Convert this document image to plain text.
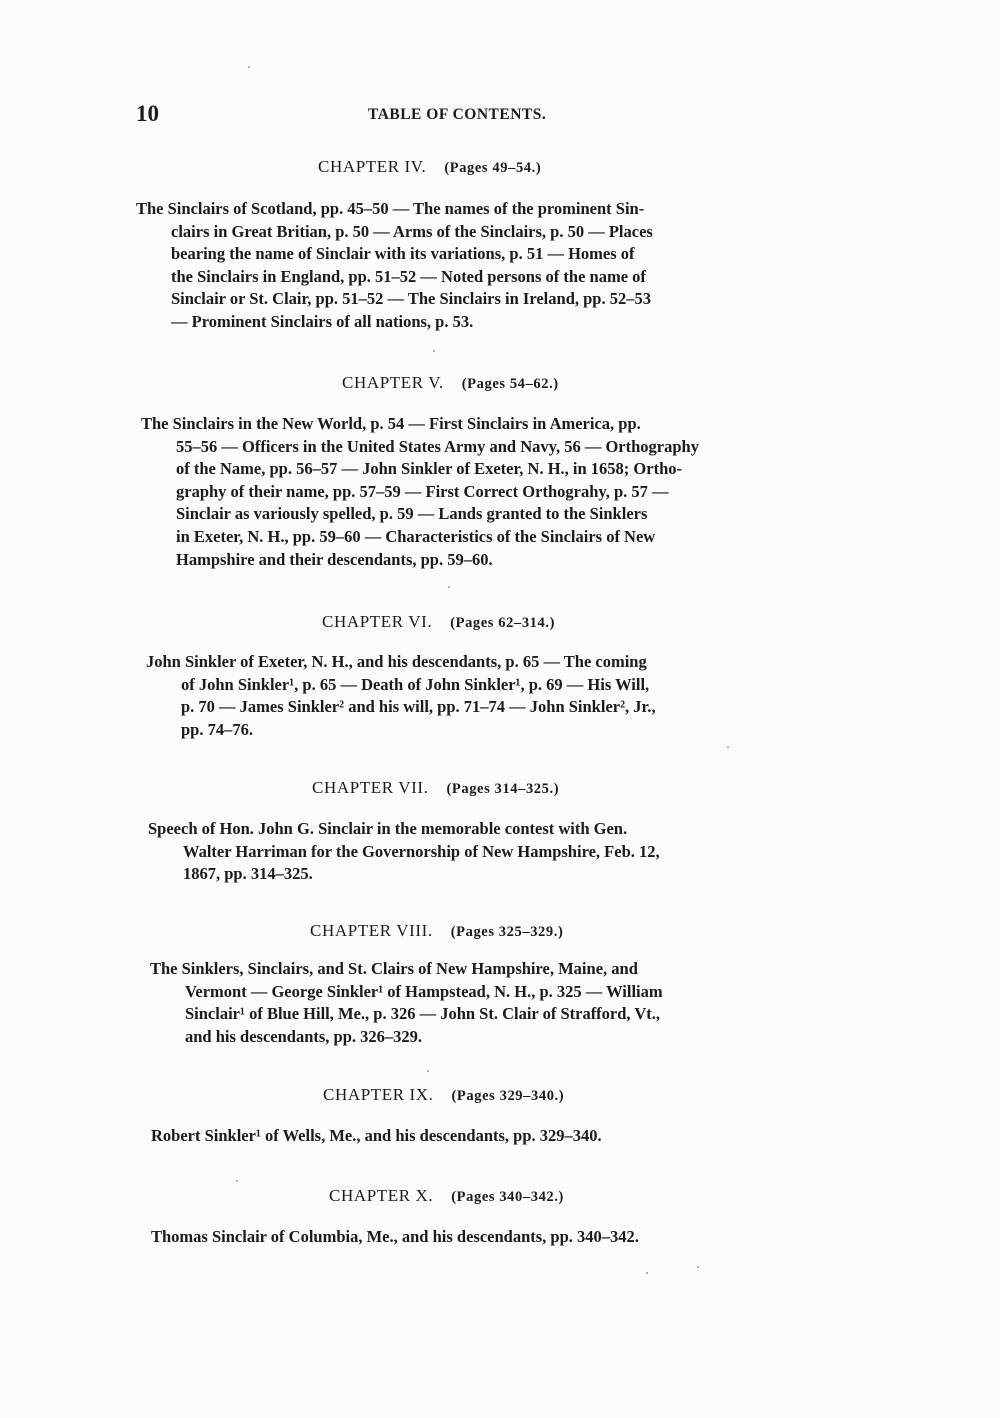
10	TABLE OF CONTENTS.
CHAPTER IV. (Pages 49–54.)
The Sinclairs of Scotland, pp. 45–50 — The names of the prominent Sin-
clairs in Great Britian, p. 50 — Arms of the Sinclairs, p. 50 — Places
bearing the name of Sinclair with its variations, p. 51 — Homes of
the Sinclairs in England, pp. 51–52 — Noted persons of the name of
Sinclair or St. Clair, pp. 51–52 — The Sinclairs in Ireland, pp. 52–53
— Prominent Sinclairs of all nations, p. 53.
CHAPTER V. (Pages 54–62.)
The Sinclairs in the New World, p. 54 — First Sinclairs in America, pp.
55–56 — Officers in the United States Army and Navy, 56 — Orthography
of the Name, pp. 56–57 — John Sinkler of Exeter, N. H., in 1658; Ortho-
graphy of their name, pp. 57–59 — First Correct Orthograhy, p. 57 —
Sinclair as variously spelled, p. 59 — Lands granted to the Sinklers
in Exeter, N. H., pp. 59–60 — Characteristics of the Sinclairs of New
Hampshire and their descendants, pp. 59–60.
CHAPTER VI. (Pages 62–314.)
John Sinkler of Exeter, N. H., and his descendants, p. 65 — The coming
of John Sinkler¹, p. 65 — Death of John Sinkler¹, p. 69 — His Will,
p. 70 — James Sinkler² and his will, pp. 71–74 — John Sinkler², Jr.,
pp. 74–76.
CHAPTER VII. (Pages 314–325.)
Speech of Hon. John G. Sinclair in the memorable contest with Gen.
Walter Harriman for the Governorship of New Hampshire, Feb. 12,
1867, pp. 314–325.
CHAPTER VIII. (Pages 325–329.)
The Sinklers, Sinclairs, and St. Clairs of New Hampshire, Maine, and
Vermont — George Sinkler¹ of Hampstead, N. H., p. 325 — William
Sinclair¹ of Blue Hill, Me., p. 326 — John St. Clair of Strafford, Vt.,
and his descendants, pp. 326–329.
CHAPTER IX. (Pages 329–340.)
Robert Sinkler¹ of Wells, Me., and his descendants, pp. 329–340.
CHAPTER X. (Pages 340–342.)
Thomas Sinclair of Columbia, Me., and his descendants, pp. 340–342.
